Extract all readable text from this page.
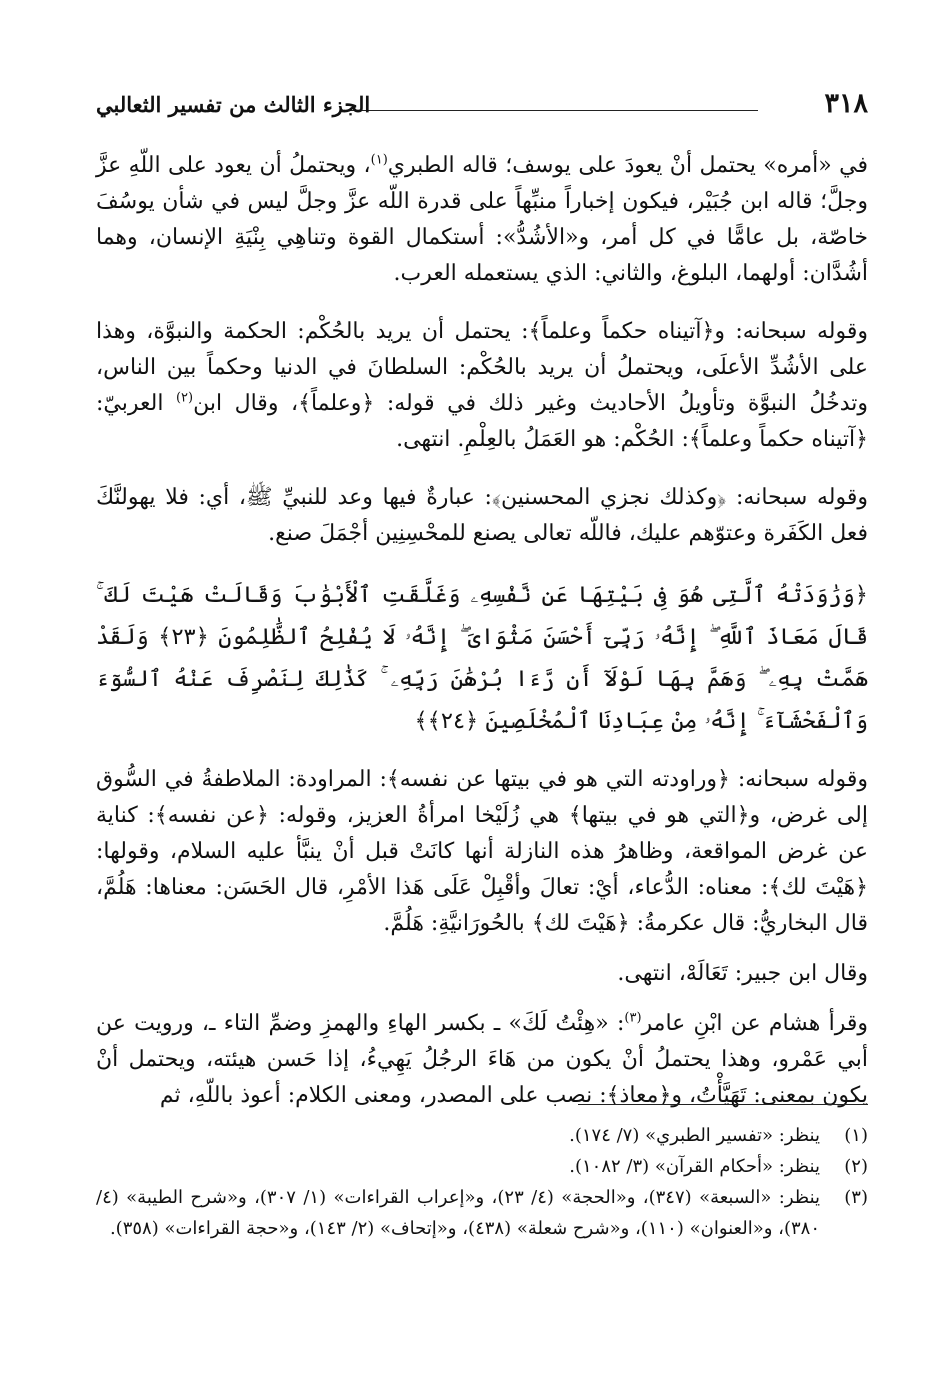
٣١٨
الجزء الثالث من تفسير الثعالبي

في «أمره» يحتمل أنْ يعودَ على يوسف؛ قاله الطبري$^{(١)}$، ويحتملُ أن يعود على اللّهِ عزَّ وجلَّ؛ قاله ابن جُبَيْر، فيكون إخباراً منبِّهاً على قدرة اللّه عزَّ وجلَّ ليس في شأن يوسُفَ خاصّة، بل عامًّا في كل أمر، و«الأشُدُّ»: أستكمال القوة وتناهِي بِنْيَةِ الإنسان، وهما أشُدَّان: أولهما، البلوغ، والثاني: الذي يستعمله العرب.

وقوله سبحانه: و﴿آتيناه حكماً وعلماً﴾: يحتمل أن يريد بالحُكْم: الحكمة والنبوَّة، وهذا على الأشُدِّ الأعلَى، ويحتملُ أن يريد بالحُكْم: السلطانَ في الدنيا وحكماً بين الناس، وتدخُلُ النبوَّة وتأويلُ الأحاديث وغير ذلك في قوله: ﴿وعلماً﴾، وقال ابن$^{(٢)}$ العربيّ: ﴿آتيناه حكماً وعلماً﴾: الحُكْم: هو العَمَلُ بالعِلْمِ. انتهى.

وقوله سبحانه: ﴿وكذلك نجزي المحسنين﴾: عبارةٌ فيها وعد للنبيِّ ﷺ، أي: فلا يهولنَّكَ فعل الكَفَرة وعتوّهم عليك، فاللّه تعالى يصنع للمحْسِنِين أجْمَلَ صنع.

﴿وَرَٰوَدَتْهُ ٱلَّتِى هُوَ فِى بَيْتِهَا عَن نَّفْسِهِۦ وَغَلَّقَتِ ٱلْأَبْوَٰبَ وَقَالَتْ هَيْتَ لَكَ ۚ قَالَ مَعَاذَ ٱللَّهِ ۖ إِنَّهُۥ رَبِّىٓ أَحْسَنَ مَثْوَاىَ ۖ إِنَّهُۥ لَا يُفْلِحُ ٱلظَّٰلِمُونَ ﴿٢٣﴾ وَلَقَدْ هَمَّتْ بِهِۦ ۖ وَهَمَّ بِهَا لَوْلَآ أَن رَّءَا بُرْهَٰنَ رَبِّهِۦ ۚ كَذَٰلِكَ لِنَصْرِفَ عَنْهُ ٱلسُّوٓءَ وَٱلْفَحْشَآءَ ۚ إِنَّهُۥ مِنْ عِبَادِنَا ٱلْمُخْلَصِينَ ﴿٢٤﴾﴾

وقوله سبحانه: ﴿وراودته التي هو في بيتها عن نفسه﴾: المراودة: الملاطفةُ في السُّوق إلى غرض، و﴿التي هو في بيتها﴾ هي زُلَيْخا امرأةُ العزيز، وقوله: ﴿عن نفسه﴾: كناية عن غرض المواقعة، وظاهرُ هذه النازلة أنها كانَتْ قبل أنْ ينبَّأ عليه السلام، وقولها: ﴿هَيْتَ لك﴾: معناه: الدُّعاء، أيْ: تعالَ وأقْبِلْ عَلَى هَذا الأمْرِ، قال الحَسَن: معناها: هَلُمَّ، قال البخاريُّ: قال عكرمةُ: ﴿هَيْتَ لك﴾ بالحُورَانيَّةِ: هَلُمَّ.

وقال ابن جبير: تَعَالَهْ، انتهى.

وقرأ هشام عن ابْنِ عامر$^{(٣)}$: «هِئْتُ لَكَ» ـ بكسر الهاءِ والهمزِ وضمِّ التاء ـ، ورويت عن أبي عَمْرو، وهذا يحتملُ أنْ يكون من هَاءَ الرجُلُ يَهِيءُ، إذا حَسن هيئته، ويحتمل أنْ يكون بمعنى: تَهَيَّأْتُ، و﴿معاذ﴾: نصب على المصدر، ومعنى الكلام: أعوذ باللّهِ، ثم

(١)
ينظر: «تفسير الطبري» (٧/ ١٧٤).
(٢)
ينظر: «أحكام القرآن» (٣/ ١٠٨٢).
(٣)
ينظر: «السبعة» (٣٤٧)، و«الحجة» (٤/ ٢٣)، و«إعراب القراءات» (١/ ٣٠٧)، و«شرح الطيبة» (٤/ ٣٨٠)، و«العنوان» (١١٠)، و«شرح شعلة» (٤٣٨)، و«إتحاف» (٢/ ١٤٣)، و«حجة القراءات» (٣٥٨).
